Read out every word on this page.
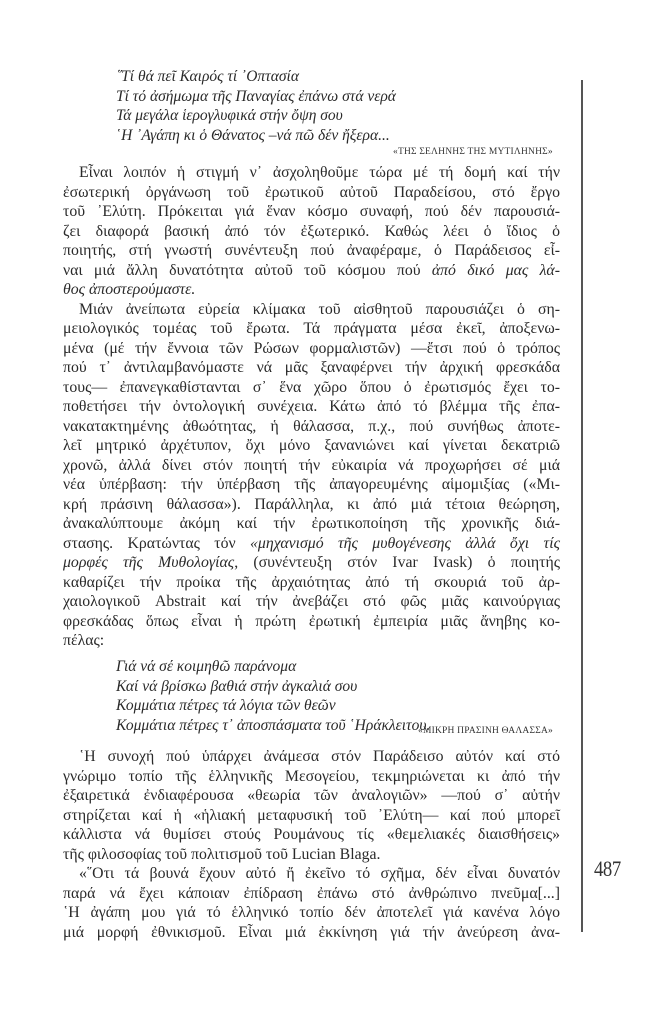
487
῞Τί θά πεῖ Καιρός τί ᾿Οπτασία
Τί τό ἀσήμωμα τῆς Παναγίας ἐπάνω στά νερά
Τά μεγάλα ἱερογλυφικά στήν ὄψη σου
῾Η ᾿Αγάπη κι ὁ Θάνατος –νά πῶ δέν ἤξερα...
«ΤΗΣ ΣΕΛΗΝΗΣ ΤΗΣ ΜΥΤΙΛΗΝΗΣ»
Εἶναι λοιπόν ἡ στιγμή ν᾿ ἀσχοληθοῦμε τώρα μέ τή δομή καί τήν
ἐσωτερική ὀργάνωση τοῦ ἐρωτικοῦ αὐτοῦ Παραδείσου, στό ἔργο
τοῦ ᾿Ελύτη. Πρόκειται γιά ἕναν κόσμο συναφή, πού δέν παρουσιά-
ζει διαφορά βασική ἀπό τόν ἐξωτερικό. Καθώς λέει ὁ ἴδιος ὁ
ποιητής, στή γνωστή συνέντευξη πού ἀναφέραμε, ὁ Παράδεισος εἶ-
ναι μιά ἄλλη δυνατότητα αὐτοῦ τοῦ κόσμου πού ἀπό δικό μας λά-
θος ἀποστερούμαστε.
Μιάν ἀνείπωτα εὐρεία κλίμακα τοῦ αἰσθητοῦ παρουσιάζει ὁ ση-
μειολογικός τομέας τοῦ ἔρωτα. Τά πράγματα μέσα ἐκεῖ, ἀποξενω-
μένα (μέ τήν ἔννοια τῶν Ρώσων φορμαλιστῶν) —ἔτσι πού ὁ τρόπος
πού τ᾿ ἀντιλαμβανόμαστε νά μᾶς ξαναφέρνει τήν ἀρχική φρεσκάδα
τους— ἐπανεγκαθίστανται σ᾿ ἕνα χῶρο ὅπου ὁ ἐρωτισμός ἔχει το-
ποθετήσει τήν ὀντολογική συνέχεια. Κάτω ἀπό τό βλέμμα τῆς ἐπα-
νακατακτημένης ἀθωότητας, ἡ θάλασσα, π.χ., πού συνήθως ἀποτε-
λεῖ μητρικό ἀρχέτυπον, ὄχι μόνο ξανανιώνει καί γίνεται δεκατριῶ
χρονῶ, ἀλλά δίνει στόν ποιητή τήν εὐκαιρία νά προχωρήσει σέ μιά
νέα ὑπέρβαση: τήν ὑπέρβαση τῆς ἀπαγορευμένης αἱμομιξίας («Μι-
κρή πράσινη θάλασσα»). Παράλληλα, κι ἀπό μιά τέτοια θεώρηση,
ἀνακαλύπτουμε ἀκόμη καί τήν ἐρωτικοποίηση τῆς χρονικῆς διά-
στασης. Κρατώντας τόν «μηχανισμό τῆς μυθογένεσης ἀλλά ὄχι τίς
μορφές τῆς Μυθολογίας, (συνέντευξη στόν Ivar Ivask) ὁ ποιητής
καθαρίζει τήν προίκα τῆς ἀρχαιότητας ἀπό τή σκουριά τοῦ ἀρ-
χαιολογικοῦ Abstrait καί τήν ἀνεβάζει στό φῶς μιᾶς καινούργιας
φρεσκάδας ὅπως εἶναι ἡ πρώτη ἐρωτική ἐμπειρία μιᾶς ἄνηβης κο-
πέλας:
Γιά νά σέ κοιμηθῶ παράνομα
Καί νά βρίσκω βαθιά στήν ἀγκαλιά σου
Κομμάτια πέτρες τά λόγια τῶν θεῶν
Κομμάτια πέτρες τ᾿ ἀποσπάσματα τοῦ ῾Ηράκλειτου.
«ΜΙΚΡΗ ΠΡΑΣΙΝΗ ΘΑΛΑΣΣΑ»
῾Η συνοχή πού ὑπάρχει ἀνάμεσα στόν Παράδεισο αὐτόν καί στό
γνώριμο τοπίο τῆς ἑλληνικῆς Μεσογείου, τεκμηριώνεται κι ἀπό τήν
ἐξαιρετικά ἐνδιαφέρουσα «θεωρία τῶν ἀναλογιῶν» —πού σ᾿ αὐτήν
στηρίζεται καί ἡ «ἡλιακή μεταφυσική τοῦ ᾿Ελύτη— καί πού μπορεῖ
κάλλιστα νά θυμίσει στούς Ρουμάνους τίς «θεμελιακές διαισθήσεις»
τῆς φιλοσοφίας τοῦ πολιτισμοῦ τοῦ Lucian Blaga.
«῞Οτι τά βουνά ἔχουν αὐτό ἤ ἐκεῖνο τό σχῆμα, δέν εἶναι δυνατόν
παρά νά ἔχει κάποιαν ἐπίδραση ἐπάνω στό ἀνθρώπινο πνεῦμα[...]
῾Η ἀγάπη μου γιά τό ἑλληνικό τοπίο δέν ἀποτελεῖ γιά κανένα λόγο
μιά μορφή ἐθνικισμοῦ. Εἶναι μιά ἐκκίνηση γιά τήν ἀνεύρεση ἀνα-
